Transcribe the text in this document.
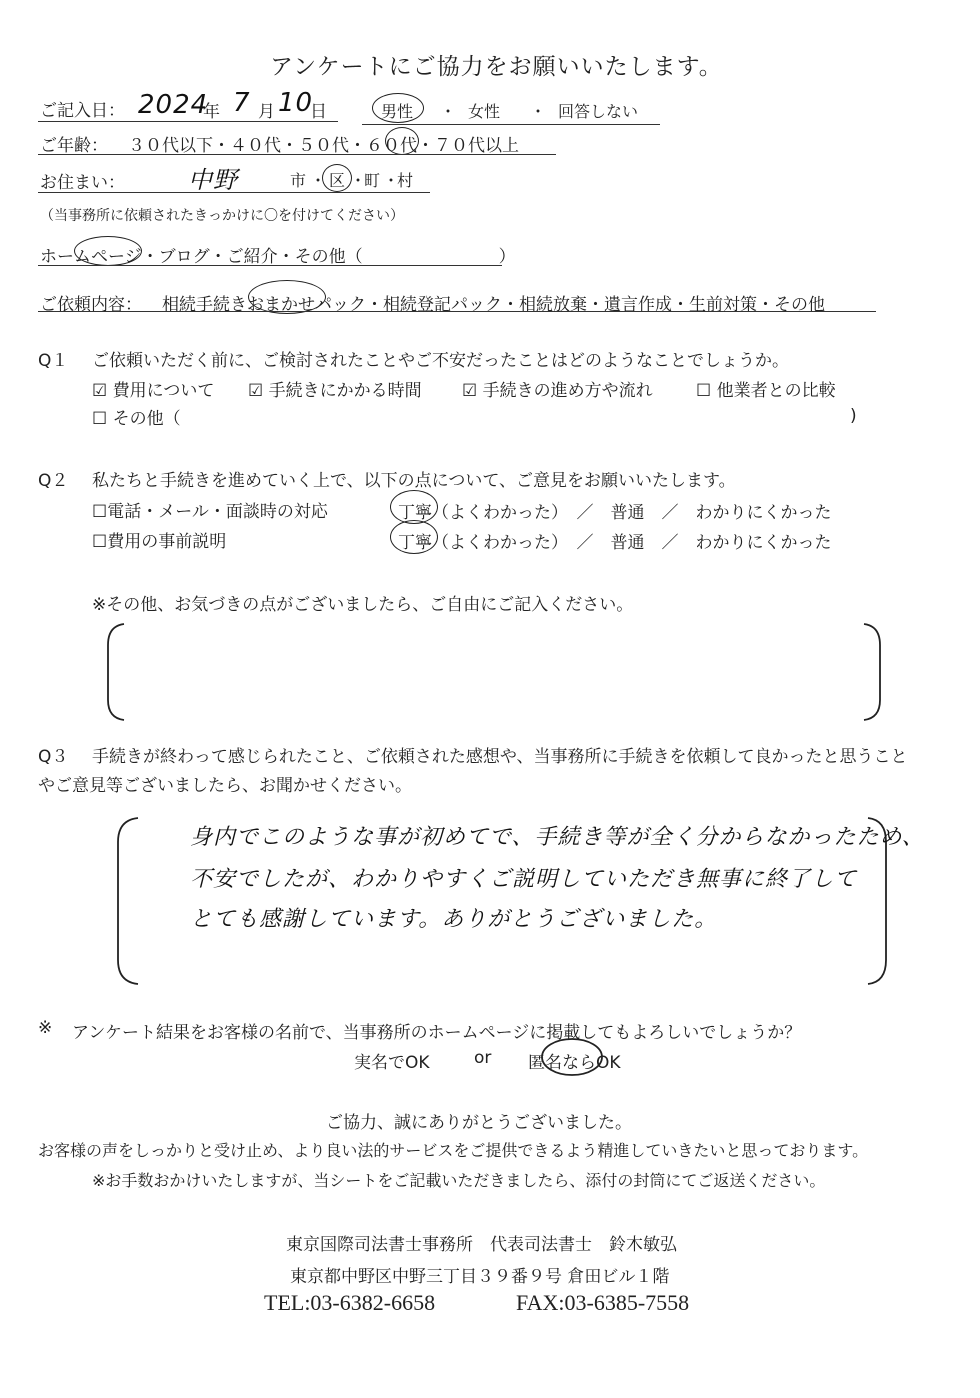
アンケートにご協力をお願いいたします。
ご記入日： 2024
年 7 月 10
日	男性 ・ 女性 ・ 回答しない
ご年齢： ３０代以下・４０代・５０代・６０代・７０代以上
お住まい：	中野	市 ・ 区 ・
町 ・
村
（当事務所に依頼されたきっかけに〇を付けてください）
ホームページ・ブログ・ご紹介・その他（　　　　　　　　）
ご依頼内容： 相続手続きおまかせパック・相続登記パック・相続放棄・遺言作成・生前対策・その他
Q１ ご依頼いただく前に、ご検討されたことやご不安だったことはどのようなことでしょうか。
☑ 費用について ☑ 手続きにかかる時間 ☑ 手続きの進め方や流れ	☐ 他業者との比較
☐ その他（	)
Q２ 私たちと手続きを進めていく上で、以下の点について、ご意見をお願いいたします。
☐電話・メール・面談時の対応	丁寧（よくわかった）　／　普通　／　わかりにくかった
☐費用の事前説明	丁寧（よくわかった）　／　普通　／　わかりにくかった
※その他、お気づきの点がございましたら、ご自由にご記入ください。
Q３ 手続きが終わって感じられたこと、ご依頼された感想や、当事務所に手続きを依頼して良かったと思うこと
やご意見等ございましたら、お聞かせください。
身内でこのような事が初めてで、手続き等が全く分からなかったため、
不安でしたが、わかりやすくご説明していただき無事に終了して
とても感謝しています。ありがとうございました。
※ アンケート結果をお客様の名前で、当事務所のホームページに掲載してもよろしいでしょうか？
実名でOK	or 匿名ならOK
ご協力、誠にありがとうございました。
お客様の声をしっかりと受け止め、より良い法的サービスをご提供できるよう精進していきたいと思っております。
※お手数おかけいたしますが、当シートをご記載いただきましたら、添付の封筒にてご返送ください。
東京国際司法書士事務所　代表司法書士　鈴木敏弘
東京都中野区中野三丁目３９番９号 倉田ビル１階
TEL:03-6382-6658	FAX:03-6385-7558
